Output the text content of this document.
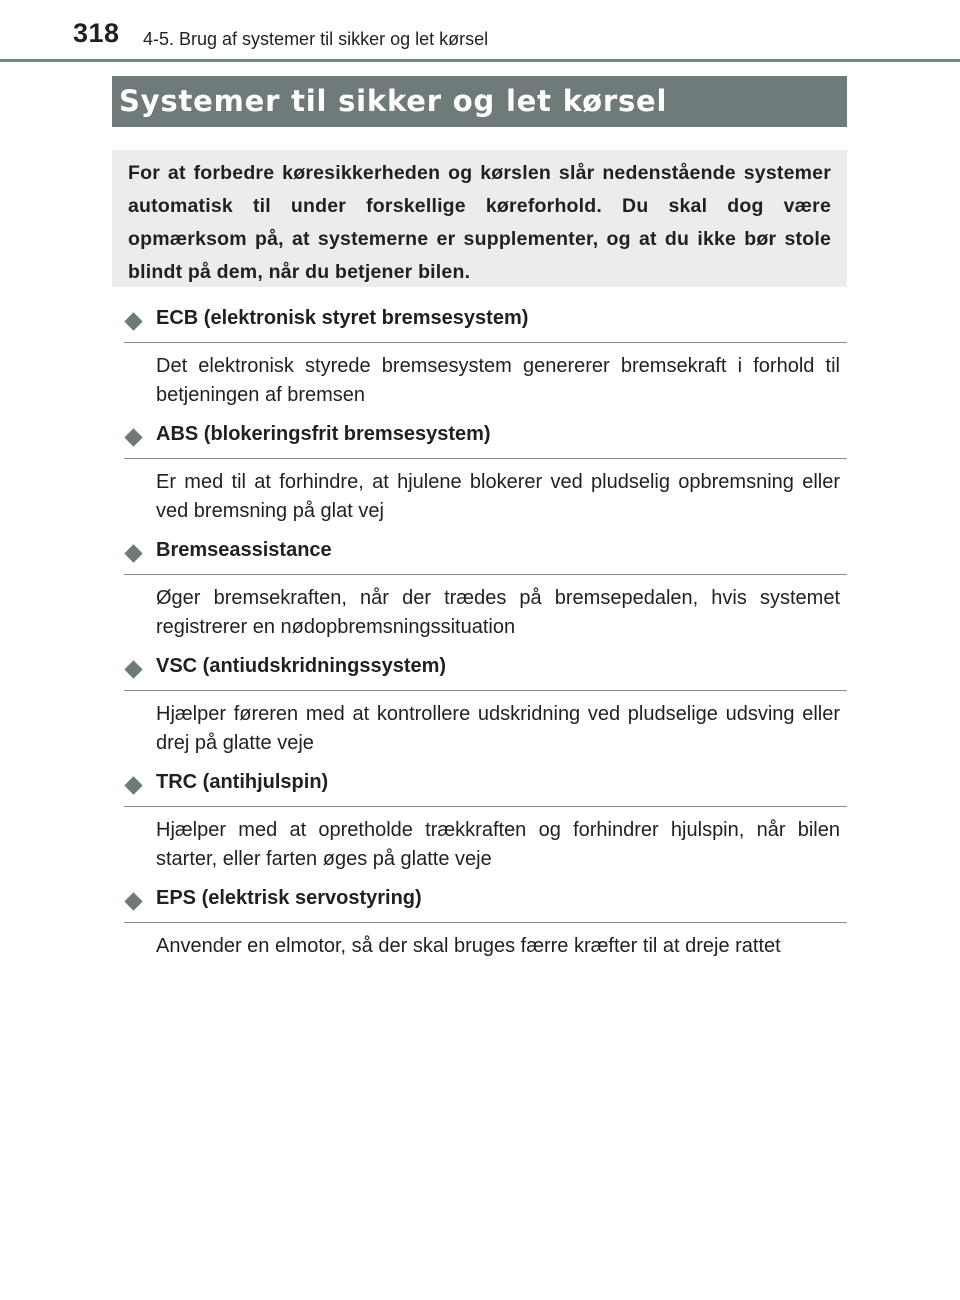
318 4-5. Brug af systemer til sikker og let kørsel
Systemer til sikker og let kørsel

For at forbedre køresikkerheden og kørslen slår nedenstående systemer automatisk til under forskellige køreforhold. Du skal dog være opmærksom på, at systemerne er supplementer, og at du ikke bør stole blindt på dem, når du betjener bilen.

ECB (elektronisk styret bremsesystem)

Det elektronisk styrede bremsesystem genererer bremsekraft i forhold til betjeningen af bremsen

ABS (blokeringsfrit bremsesystem)

Er med til at forhindre, at hjulene blokerer ved pludselig opbremsning eller ved bremsning på glat vej

Bremseassistance

Øger bremsekraften, når der trædes på bremsepedalen, hvis systemet registrerer en nødopbremsningssituation

VSC (antiudskridningssystem)

Hjælper føreren med at kontrollere udskridning ved pludselige udsving eller drej på glatte veje

TRC (antihjulspin)

Hjælper med at opretholde trækkraften og forhindrer hjulspin, når bilen starter, eller farten øges på glatte veje

EPS (elektrisk servostyring)

Anvender en elmotor, så der skal bruges færre kræfter til at dreje rattet
